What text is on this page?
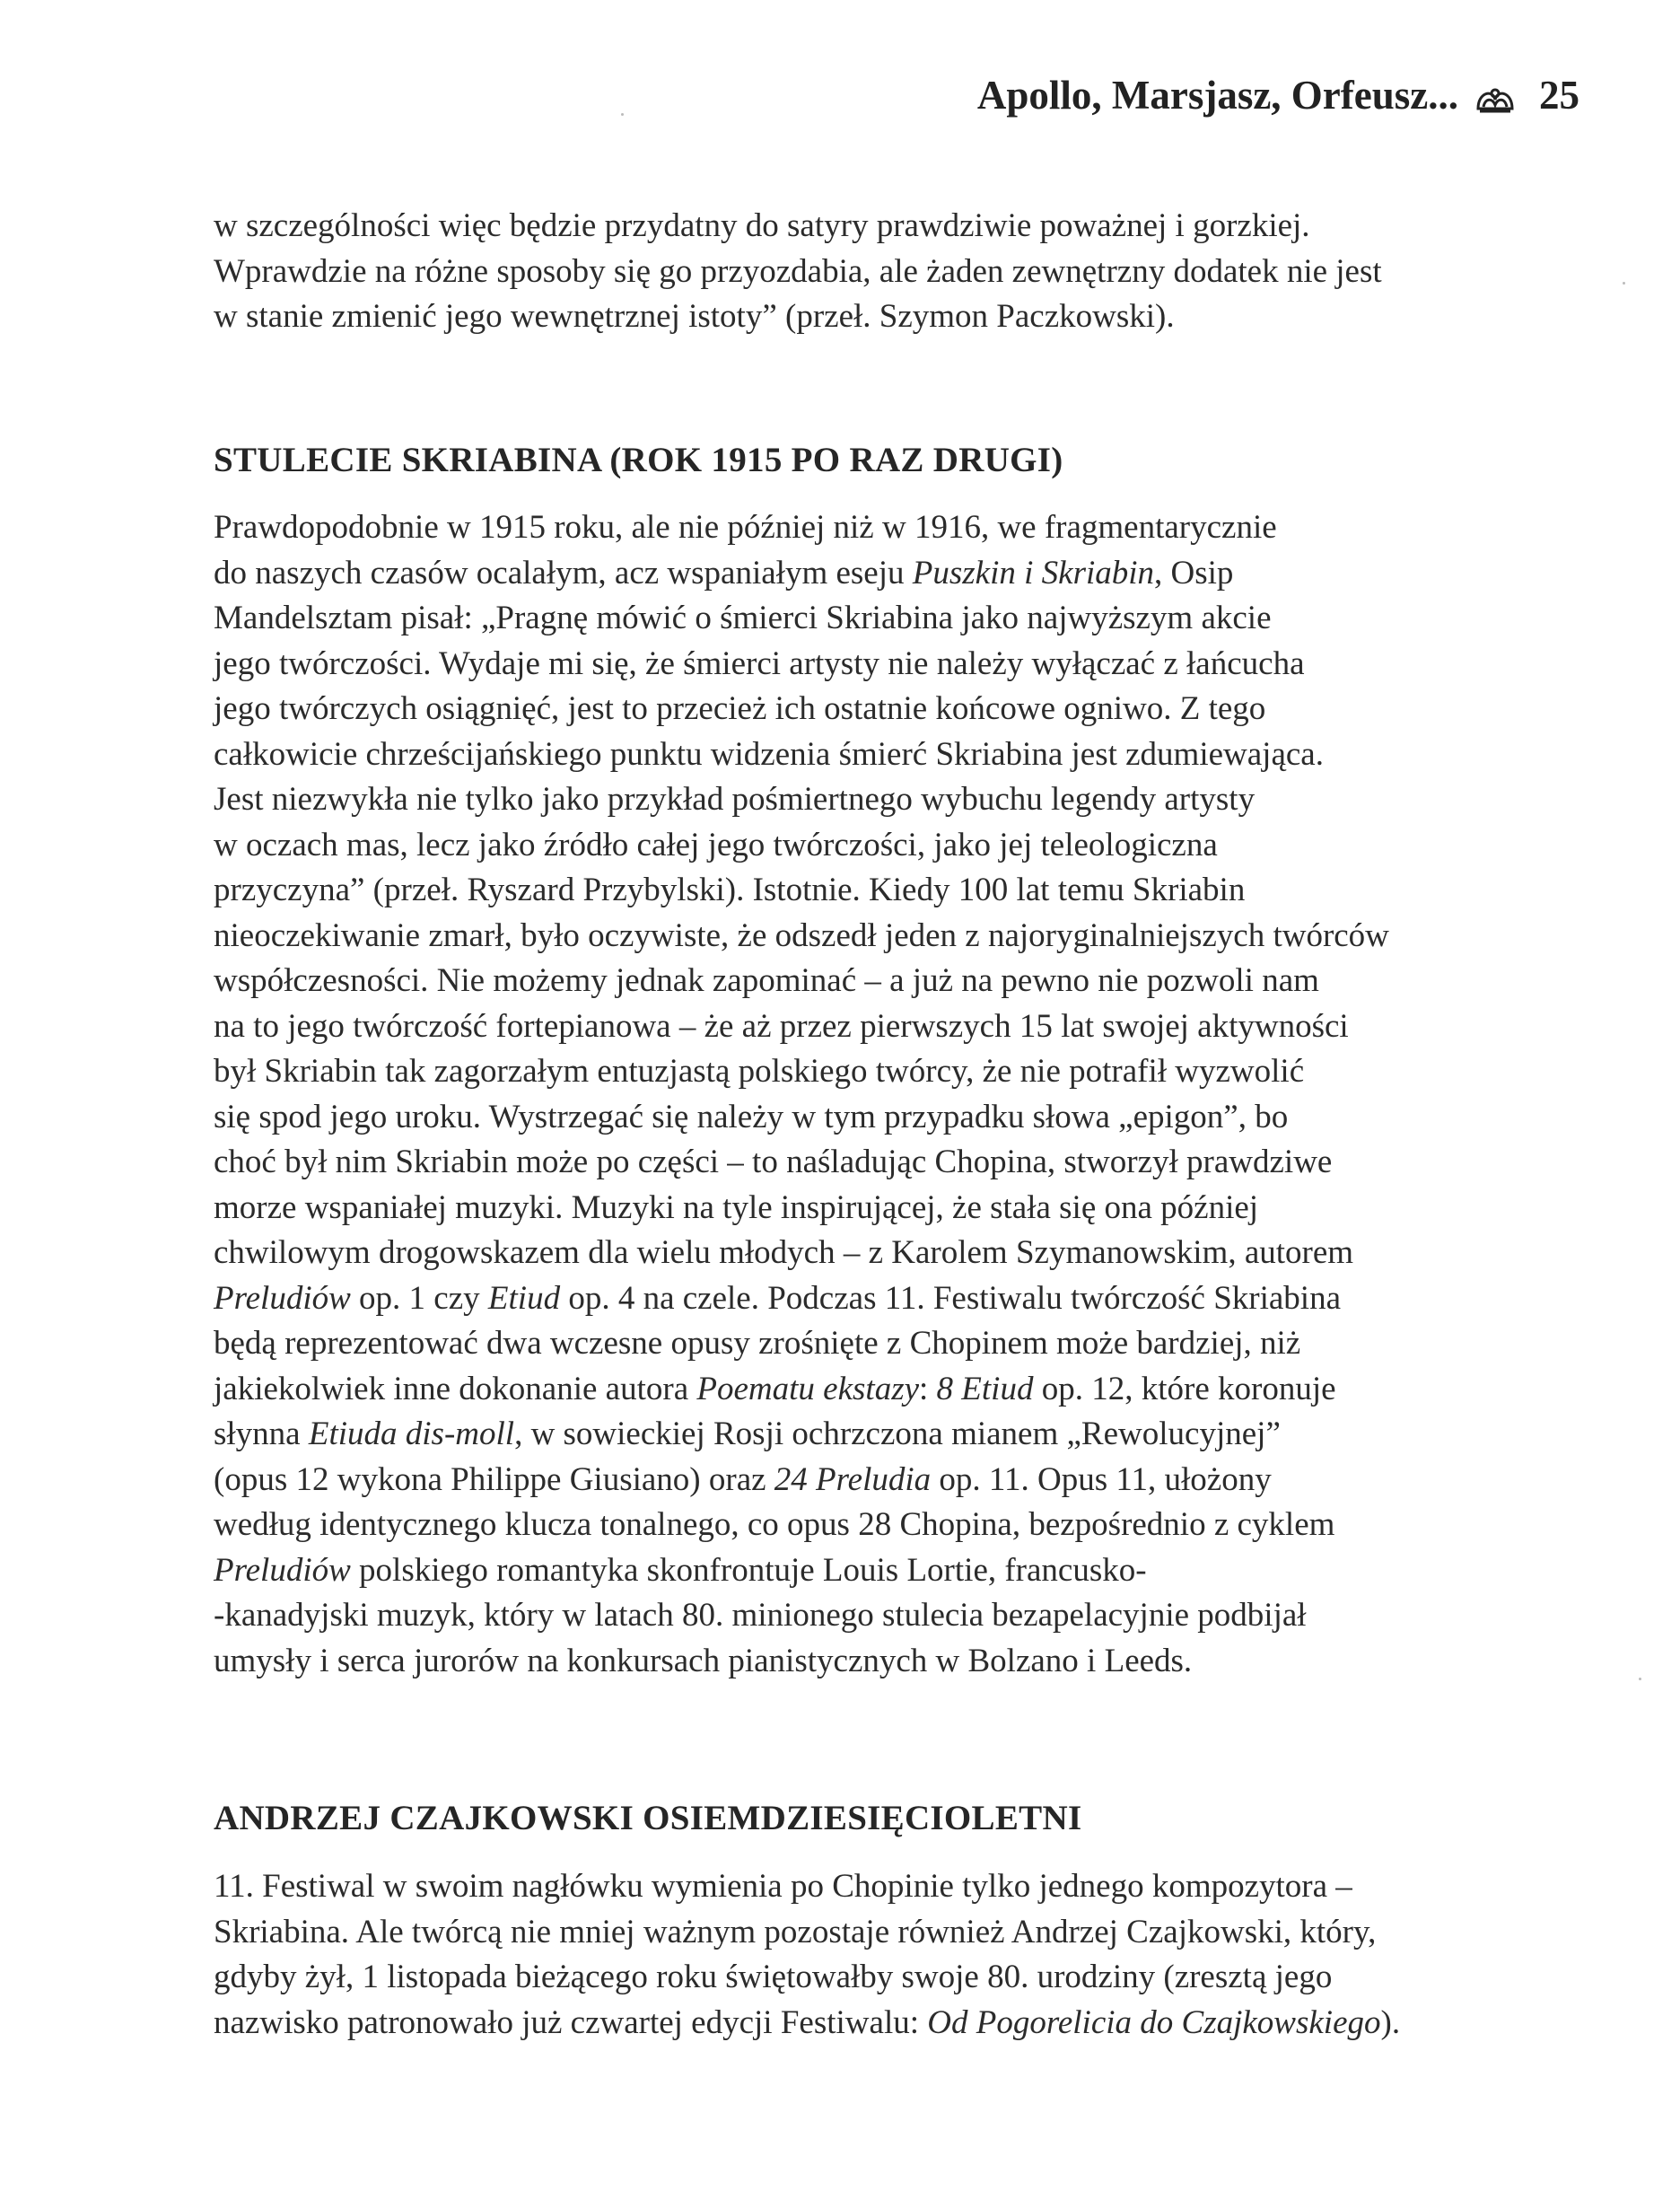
Apollo, Marsjasz, Orfeusz... 25
w szczególności więc będzie przydatny do satyry prawdziwie poważnej i gorzkiej.
Wprawdzie na różne sposoby się go przyozdabia, ale żaden zewnętrzny dodatek nie jest
w stanie zmienić jego wewnętrznej istoty” (przeł. Szymon Paczkowski).
STULECIE SKRIABINA (ROK 1915 PO RAZ DRUGI)
Prawdopodobnie w 1915 roku, ale nie później niż w 1916, we fragmentarycznie
do naszych czasów ocalałym, acz wspaniałym eseju Puszkin i Skriabin, Osip
Mandelsztam pisał: „Pragnę mówić o śmierci Skriabina jako najwyższym akcie
jego twórczości. Wydaje mi się, że śmierci artysty nie należy wyłączać z łańcucha
jego twórczych osiągnięć, jest to przecież ich ostatnie końcowe ogniwo. Z tego
całkowicie chrześcijańskiego punktu widzenia śmierć Skriabina jest zdumiewająca.
Jest niezwykła nie tylko jako przykład pośmiertnego wybuchu legendy artysty
w oczach mas, lecz jako źródło całej jego twórczości, jako jej teleologiczna
przyczyna” (przeł. Ryszard Przybylski). Istotnie. Kiedy 100 lat temu Skriabin
nieoczekiwanie zmarł, było oczywiste, że odszedł jeden z najoryginalniejszych twórców
współczesności. Nie możemy jednak zapominać – a już na pewno nie pozwoli nam
na to jego twórczość fortepianowa – że aż przez pierwszych 15 lat swojej aktywności
był Skriabin tak zagorzałym entuzjastą polskiego twórcy, że nie potrafił wyzwolić
się spod jego uroku. Wystrzegać się należy w tym przypadku słowa „epigon”, bo
choć był nim Skriabin może po części – to naśladując Chopina, stworzył prawdziwe
morze wspaniałej muzyki. Muzyki na tyle inspirującej, że stała się ona później
chwilowym drogowskazem dla wielu młodych – z Karolem Szymanowskim, autorem
Preludiów op. 1 czy Etiud op. 4 na czele. Podczas 11. Festiwalu twórczość Skriabina
będą reprezentować dwa wczesne opusy zrośnięte z Chopinem może bardziej, niż
jakiekolwiek inne dokonanie autora Poematu ekstazy: 8 Etiud op. 12, które koronuje
słynna Etiuda dis-moll, w sowieckiej Rosji ochrzczona mianem „Rewolucyjnej”
(opus 12 wykona Philippe Giusiano) oraz 24 Preludia op. 11. Opus 11, ułożony
według identycznego klucza tonalnego, co opus 28 Chopina, bezpośrednio z cyklem
Preludiów polskiego romantyka skonfrontuje Louis Lortie, francusko-
-kanadyjski muzyk, który w latach 80. minionego stulecia bezapelacyjnie podbijał
umysły i serca jurorów na konkursach pianistycznych w Bolzano i Leeds.
ANDRZEJ CZAJKOWSKI OSIEMDZIESIĘCIOLETNI
11. Festiwal w swoim nagłówku wymienia po Chopinie tylko jednego kompozytora –
Skriabina. Ale twórcą nie mniej ważnym pozostaje również Andrzej Czajkowski, który,
gdyby żył, 1 listopada bieżącego roku świętowałby swoje 80. urodziny (zresztą jego
nazwisko patronowało już czwartej edycji Festiwalu: Od Pogorelicia do Czajkowskiego).
